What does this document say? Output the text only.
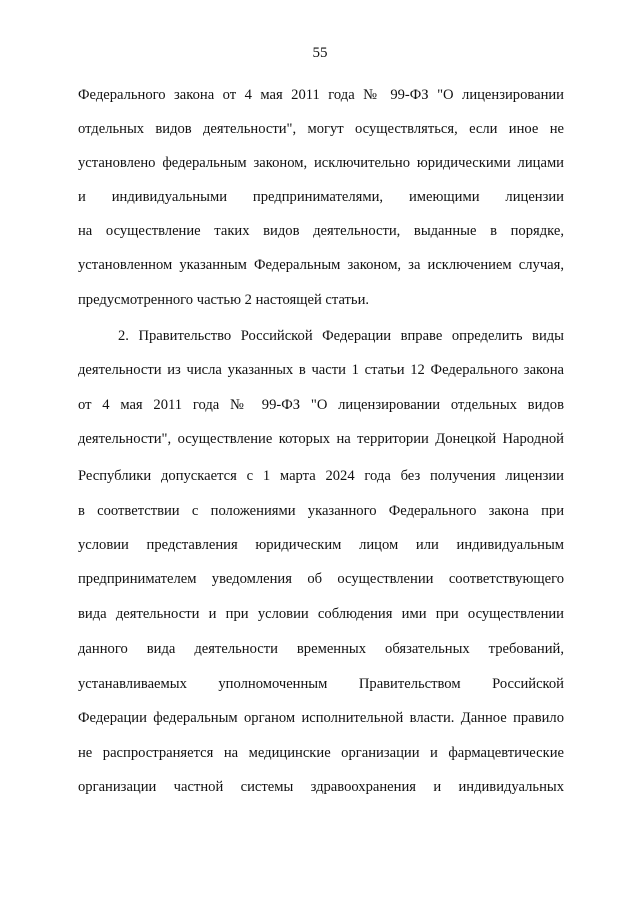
55
Федерального закона от 4 мая 2011 года № 99-ФЗ "О лицензировании
отдельных видов деятельности", могут осуществляться, если иное не
установлено федеральным законом, исключительно юридическими лицами
и индивидуальными предпринимателями, имеющими лицензии
на осуществление таких видов деятельности, выданные в порядке,
установленном указанным Федеральным законом, за исключением случая,
предусмотренного частью 2 настоящей статьи.
2. Правительство Российской Федерации вправе определить виды
деятельности из числа указанных в части 1 статьи 12 Федерального закона
от 4 мая 2011 года № 99-ФЗ "О лицензировании отдельных видов
деятельности", осуществление которых на территории Донецкой Народной
Республики допускается с 1 марта 2024 года без получения лицензии
в соответствии с положениями указанного Федерального закона при
условии представления юридическим лицом или индивидуальным
предпринимателем уведомления об осуществлении соответствующего
вида деятельности и при условии соблюдения ими при осуществлении
данного вида деятельности временных обязательных требований,
устанавливаемых уполномоченным Правительством Российской
Федерации федеральным органом исполнительной власти. Данное правило
не распространяется на медицинские организации и фармацевтические
организации частной системы здравоохранения и индивидуальных
